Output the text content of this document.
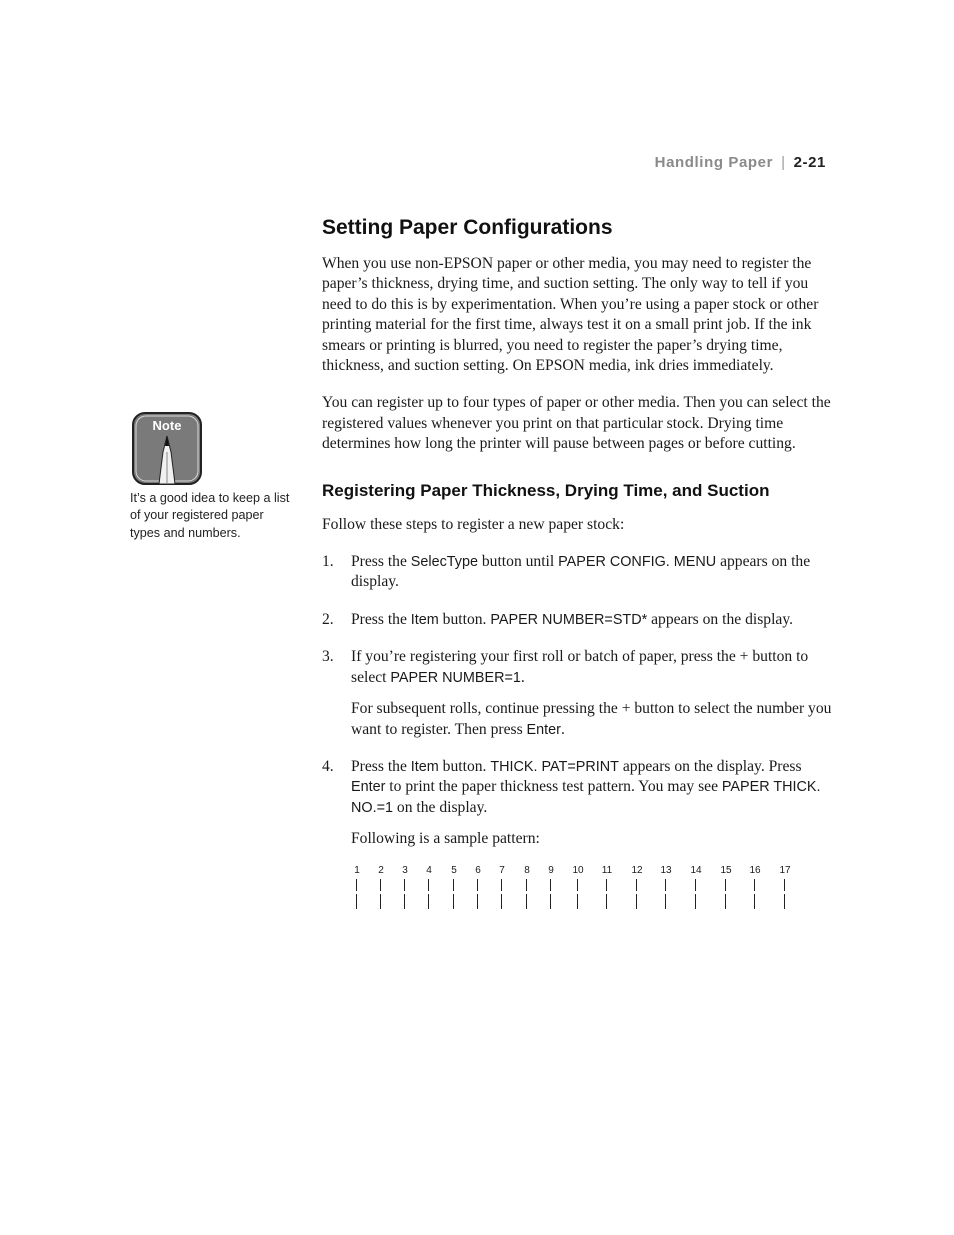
Handling Paper | 2-21
Note
It’s a good idea to keep a list of your registered paper types and numbers.
Setting Paper Configurations

When you use non-EPSON paper or other media, you may need to register the paper’s thickness, drying time, and suction setting. The only way to tell if you need to do this is by experimentation. When you’re using a paper stock or other printing material for the first time, always test it on a small print job. If the ink smears or printing is blurred, you need to register the paper’s drying time, thickness, and suction setting. On EPSON media, ink dries immediately.

You can register up to four types of paper or other media. Then you can select the registered values whenever you print on that particular stock. Drying time determines how long the printer will pause between pages or before cutting.

Registering Paper Thickness, Drying Time, and Suction

Follow these steps to register a new paper stock:

1. Press the SelecType button until PAPER CONFIG. MENU appears on the display.

2. Press the Item button. PAPER NUMBER=STD* appears on the display.

3. If you’re registering your first roll or batch of paper, press the + button to select PAPER NUMBER=1.

For subsequent rolls, continue pressing the + button to select the number you want to register. Then press Enter.

4. Press the Item button. THICK. PAT=PRINT appears on the display. Press Enter to print the paper thickness test pattern. You may see PAPER THICK. NO.=1 on the display.

Following is a sample pattern:

1	2	3	4	5	6	7	8	9	10	11	12	13	14	15	16	17
